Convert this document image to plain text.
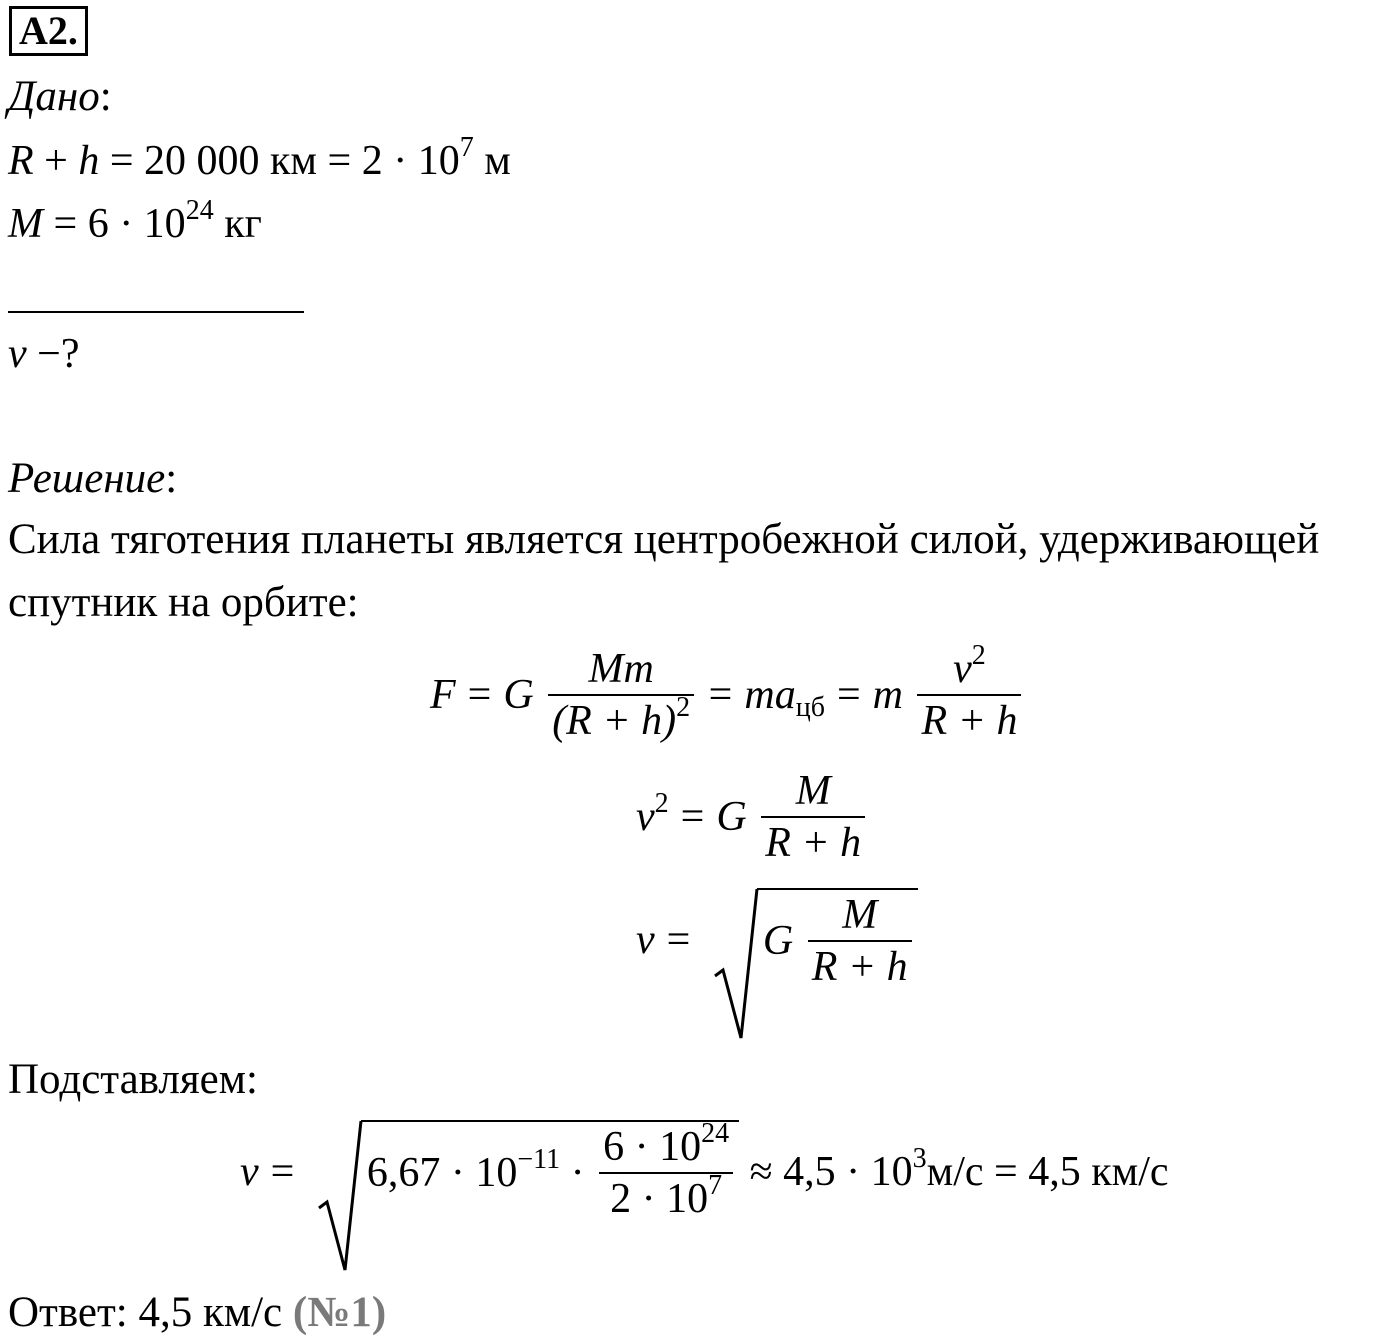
А2.
Дано:
R + h = 20 000 км = $2 \cdot 10^7$ м
$M = 6 \cdot 10^{24}$ кг
v −?
Решение:
Сила тяготения планеты является центробежной силой, удерживающей
спутник на орбите:
F = G $\frac{Mm}{(R + h)^2} = ma_{цб} = m \frac{v^2}{R + h}$
$v^2 = G \frac{M}{R + h}$
v = G $\frac{M}{R + h}$
Подставляем:
$v = 6,67 \cdot 10^{-11} \cdot \frac{6 \cdot 10^{24}}{2 \cdot 10^7} \approx 4,5 \cdot 10^3м/с = 4,5$ км/с
Ответ: 4,5 км/с (№1)
